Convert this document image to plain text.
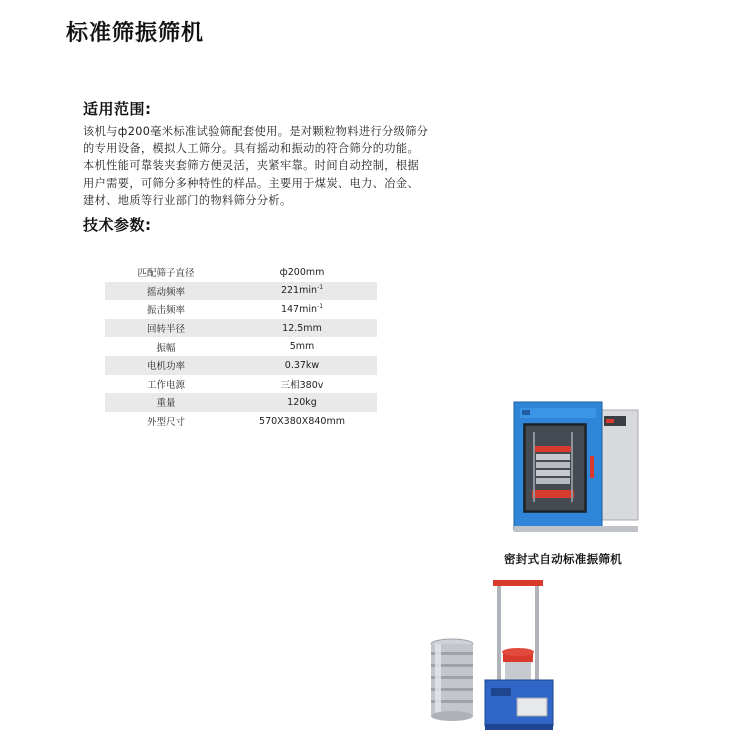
标准筛振筛机
适用范围:

该机与ф200毫米标准试验筛配套使用。是对颗粒物料进行分级筛分

的专用设备，模拟人工筛分。具有摇动和振动的符合筛分的功能。

本机性能可靠装夹套筛方便灵活，夹紧牢靠。时间自动控制，根据

用户需要，可筛分多种特性的样品。主要用于煤炭、电力、冶金、

建材、地质等行业部门的物料筛分分析。

技术参数:
匹配筛子直径	ф200mm
摇动频率	$221\min^{-1}$
振击频率	$147\min^{-1}$
回转半径	12.5mm
振幅	5mm
电机功率	0.37kw
工作电源	三相380v
重量	120kg
外型尺寸	570X380X840mm
密封式自动标准振筛机
